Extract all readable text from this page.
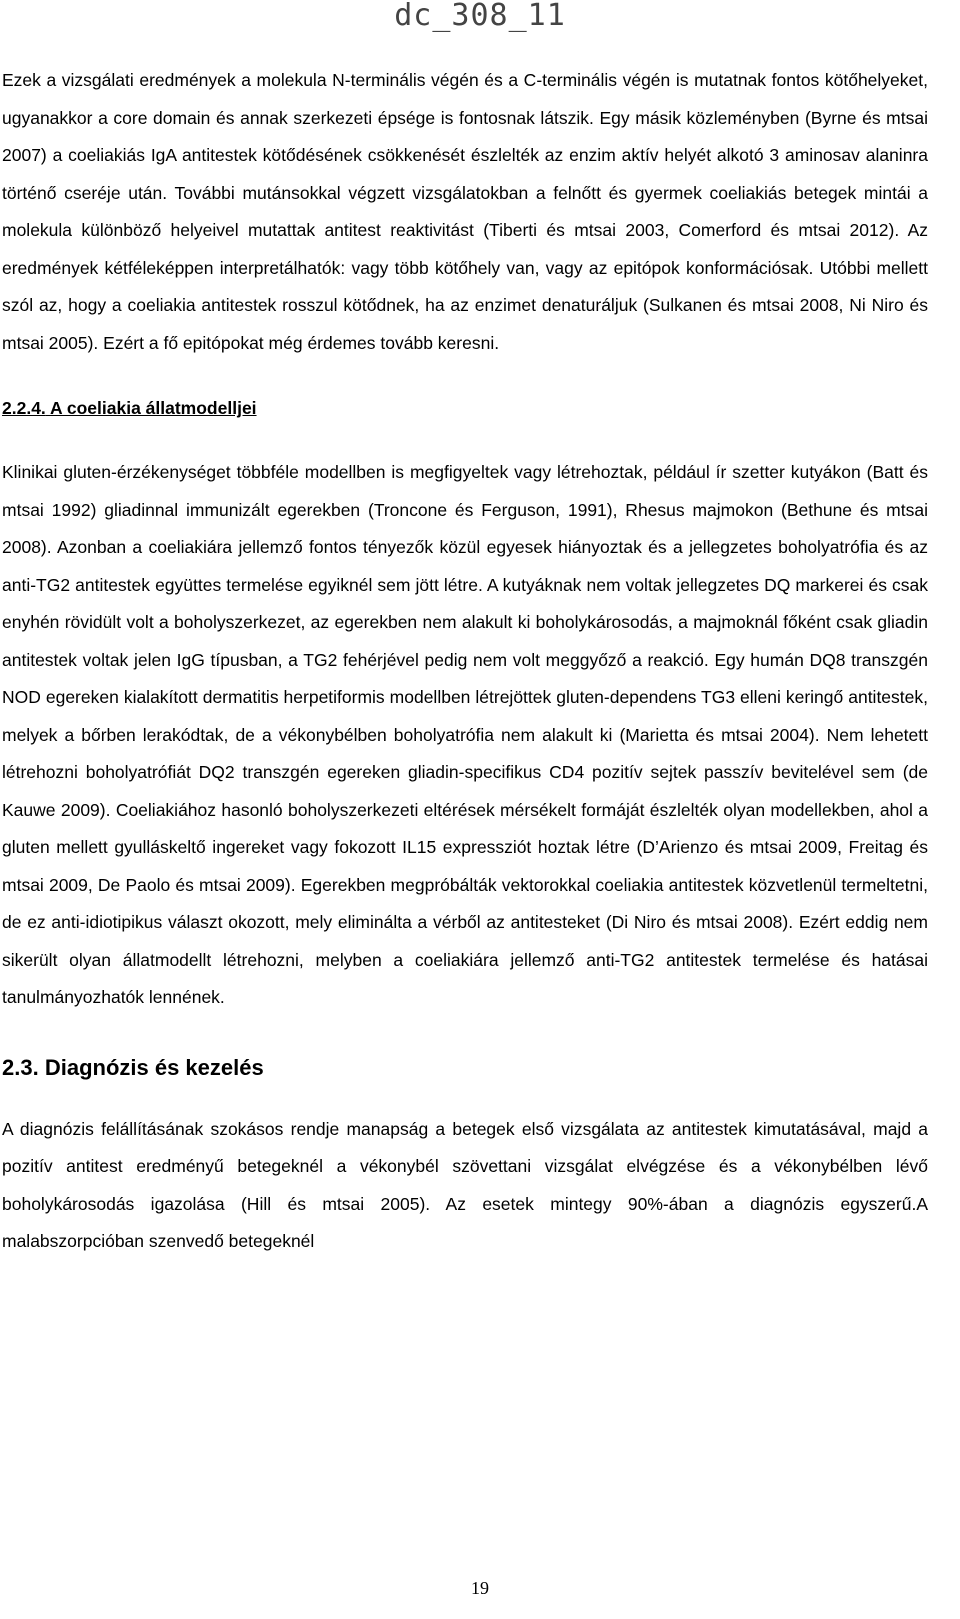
dc_308_11

Ezek a vizsgálati eredmények a molekula N-terminális végén és a C-terminális végén is mutatnak fontos kötőhelyeket, ugyanakkor a core domain és annak szerkezeti épsége is fontosnak látszik. Egy másik közleményben (Byrne és mtsai 2007) a coeliakiás IgA antitestek kötődésének csökkenését észlelték az enzim aktív helyét alkotó 3 aminosav alaninra történő cseréje után. További mutánsokkal végzett vizsgálatokban a felnőtt és gyermek coeliakiás betegek mintái a molekula különböző helyeivel mutattak antitest reaktivitást (Tiberti és mtsai 2003, Comerford és mtsai 2012). Az eredmények kétféleképpen interpretálhatók: vagy több kötőhely van, vagy az epitópok konformációsak. Utóbbi mellett szól az, hogy a coeliakia antitestek rosszul kötődnek, ha az enzimet denaturáljuk (Sulkanen és mtsai 2008, Ni Niro és mtsai 2005). Ezért a fő epitópokat még érdemes tovább keresni.

2.2.4. A coeliakia állatmodelljei

Klinikai gluten-érzékenységet többféle modellben is megfigyeltek vagy létrehoztak, például ír szetter kutyákon (Batt és mtsai 1992) gliadinnal immunizált egerekben (Troncone és Ferguson, 1991), Rhesus majmokon (Bethune és mtsai 2008). Azonban a coeliakiára jellemző fontos tényezők közül egyesek hiányoztak és a jellegzetes boholyatrófia és az anti-TG2 antitestek együttes termelése egyiknél sem jött létre. A kutyáknak nem voltak jellegzetes DQ markerei és csak enyhén rövidült volt a boholyszerkezet, az egerekben nem alakult ki boholykárosodás, a majmoknál főként csak gliadin antitestek voltak jelen IgG típusban, a TG2 fehérjével pedig nem volt meggyőző a reakció. Egy humán DQ8 transzgén NOD egereken kialakított dermatitis herpetiformis modellben létrejöttek gluten-dependens TG3 elleni keringő antitestek, melyek a bőrben lerakódtak, de a vékonybélben boholyatrófia nem alakult ki (Marietta és mtsai 2004). Nem lehetett létrehozni boholyatrófiát DQ2 transzgén egereken gliadin-specifikus CD4 pozitív sejtek passzív bevitelével sem (de Kauwe 2009). Coeliakiához hasonló boholyszerkezeti eltérések mérsékelt formáját észlelték olyan modellekben, ahol a gluten mellett gyulláskeltő ingereket vagy fokozott IL15 expressziót hoztak létre (D’Arienzo és mtsai 2009, Freitag és mtsai 2009, De Paolo és mtsai 2009). Egerekben megpróbálták vektorokkal coeliakia antitestek közvetlenül termeltetni, de ez anti-idiotipikus választ okozott, mely eliminálta a vérből az antitesteket (Di Niro és mtsai 2008). Ezért eddig nem sikerült olyan állatmodellt létrehozni, melyben a coeliakiára jellemző anti-TG2 antitestek termelése és hatásai tanulmányozhatók lennének.

2.3. Diagnózis és kezelés

A diagnózis felállításának szokásos rendje manapság a betegek első vizsgálata az antitestek kimutatásával, majd a pozitív antitest eredményű betegeknél a vékonybél szövettani vizsgálat elvégzése és a vékonybélben lévő boholykárosodás igazolása (Hill és mtsai 2005). Az esetek mintegy 90%-ában a diagnózis egyszerű.A malabszorpcióban szenvedő betegeknél

19
